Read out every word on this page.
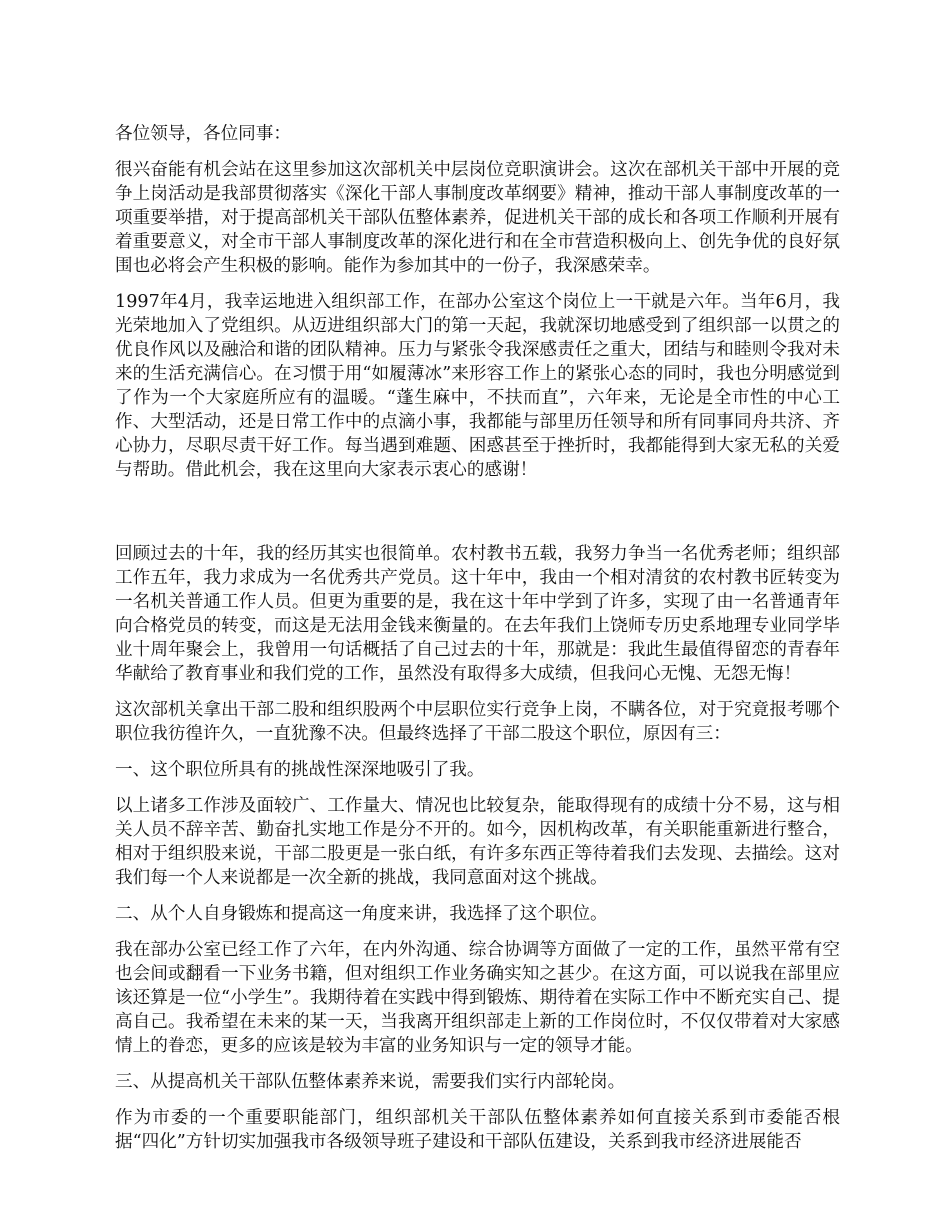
各位领导，各位同事：

很兴奋能有机会站在这里参加这次部机关中层岗位竞职演讲会。这次在部机关干部中开展的竞争上岗活动是我部贯彻落实《深化干部人事制度改革纲要》精神，推动干部人事制度改革的一项重要举措，对于提高部机关干部队伍整体素养，促进机关干部的成长和各项工作顺利开展有着重要意义，对全市干部人事制度改革的深化进行和在全市营造积极向上、创先争优的良好氛围也必将会产生积极的影响。能作为参加其中的一份子，我深感荣幸。

1997年4月，我幸运地进入组织部工作，在部办公室这个岗位上一干就是六年。当年6月，我光荣地加入了党组织。从迈进组织部大门的第一天起，我就深切地感受到了组织部一以贯之的优良作风以及融洽和谐的团队精神。压力与紧张令我深感责任之重大，团结与和睦则令我对未来的生活充满信心。在习惯于用“如履薄冰”来形容工作上的紧张心态的同时，我也分明感觉到了作为一个大家庭所应有的温暖。“蓬生麻中，不扶而直”，六年来，无论是全市性的中心工作、大型活动，还是日常工作中的点滴小事，我都能与部里历任领导和所有同事同舟共济、齐心协力，尽职尽责干好工作。每当遇到难题、困惑甚至于挫折时，我都能得到大家无私的关爱与帮助。借此机会，我在这里向大家表示衷心的感谢！

回顾过去的十年，我的经历其实也很简单。农村教书五载，我努力争当一名优秀老师；组织部工作五年，我力求成为一名优秀共产党员。这十年中，我由一个相对清贫的农村教书匠转变为一名机关普通工作人员。但更为重要的是，我在这十年中学到了许多，实现了由一名普通青年向合格党员的转变，而这是无法用金钱来衡量的。在去年我们上饶师专历史系地理专业同学毕业十周年聚会上，我曾用一句话概括了自己过去的十年，那就是：我此生最值得留恋的青春年华献给了教育事业和我们党的工作，虽然没有取得多大成绩，但我问心无愧、无怨无悔！

这次部机关拿出干部二股和组织股两个中层职位实行竞争上岗，不瞒各位，对于究竟报考哪个职位我彷徨许久，一直犹豫不决。但最终选择了干部二股这个职位，原因有三：

一、这个职位所具有的挑战性深深地吸引了我。

以上诸多工作涉及面较广、工作量大、情况也比较复杂，能取得现有的成绩十分不易，这与相关人员不辞辛苦、勤奋扎实地工作是分不开的。如今，因机构改革，有关职能重新进行整合，相对于组织股来说，干部二股更是一张白纸，有许多东西正等待着我们去发现、去描绘。这对我们每一个人来说都是一次全新的挑战，我同意面对这个挑战。

二、从个人自身锻炼和提高这一角度来讲，我选择了这个职位。

我在部办公室已经工作了六年，在内外沟通、综合协调等方面做了一定的工作，虽然平常有空也会间或翻看一下业务书籍，但对组织工作业务确实知之甚少。在这方面，可以说我在部里应该还算是一位“小学生”。我期待着在实践中得到锻炼、期待着在实际工作中不断充实自己、提高自己。我希望在未来的某一天，当我离开组织部走上新的工作岗位时，不仅仅带着对大家感情上的眷恋，更多的应该是较为丰富的业务知识与一定的领导才能。

三、从提高机关干部队伍整体素养来说，需要我们实行内部轮岗。

作为市委的一个重要职能部门，组织部机关干部队伍整体素养如何直接关系到市委能否根据“四化”方针切实加强我市各级领导班子建设和干部队伍建设，关系到我市经济进展能否
